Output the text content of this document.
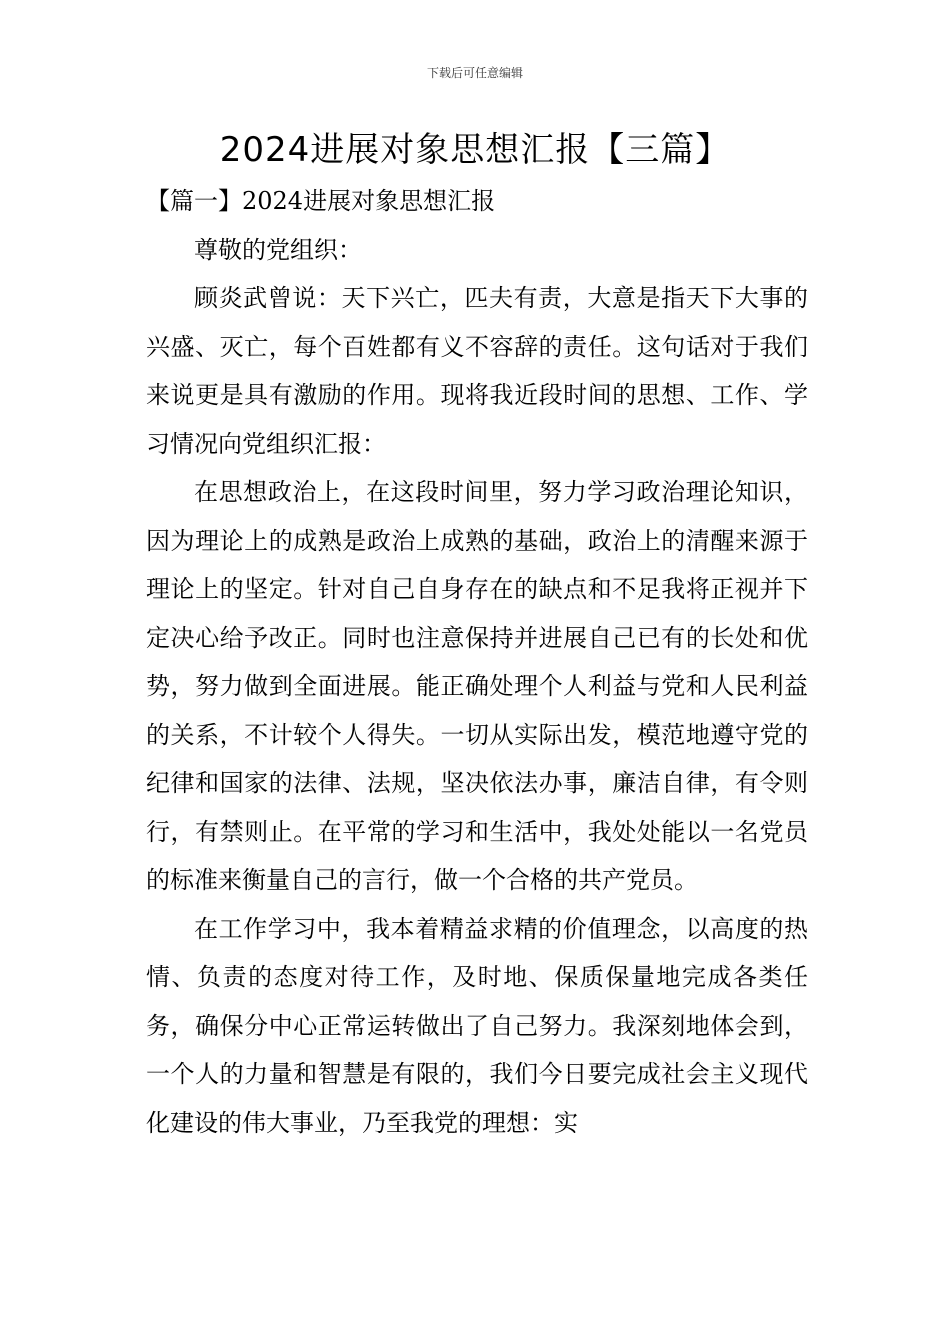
下载后可任意编辑
2024进展对象思想汇报【三篇】

【篇一】2024进展对象思想汇报

尊敬的党组织：

顾炎武曾说：天下兴亡，匹夫有责，大意是指天下大事的兴盛、灭亡，每个百姓都有义不容辞的责任。这句话对于我们来说更是具有激励的作用。现将我近段时间的思想、工作、学习情况向党组织汇报：

在思想政治上，在这段时间里，努力学习政治理论知识，因为理论上的成熟是政治上成熟的基础，政治上的清醒来源于理论上的坚定。针对自己自身存在的缺点和不足我将正视并下定决心给予改正。同时也注意保持并进展自己已有的长处和优势，努力做到全面进展。能正确处理个人利益与党和人民利益的关系，不计较个人得失。一切从实际出发，模范地遵守党的纪律和国家的法律、法规，坚决依法办事，廉洁自律，有令则行，有禁则止。在平常的学习和生活中，我处处能以一名党员的标准来衡量自己的言行，做一个合格的共产党员。

在工作学习中，我本着精益求精的价值理念，以高度的热情、负责的态度对待工作，及时地、保质保量地完成各类任务，确保分中心正常运转做出了自己努力。我深刻地体会到，一个人的力量和智慧是有限的，我们今日要完成社会主义现代化建设的伟大事业，乃至我党的理想：实
